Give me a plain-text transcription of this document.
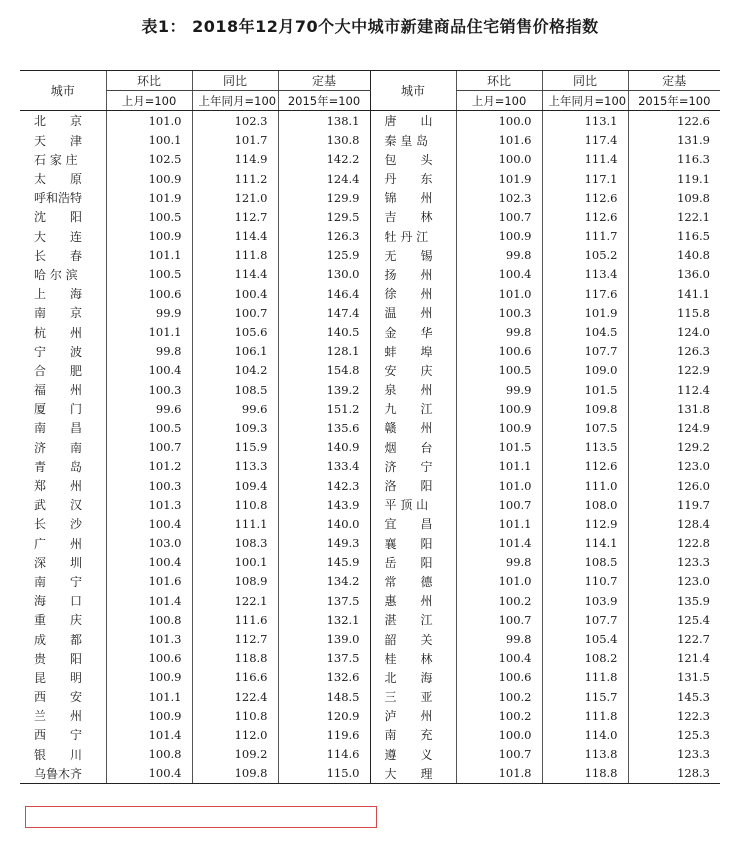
表1： 2018年12月70个大中城市新建商品住宅销售价格指数
城市	环比	同比	定基	城市	环比	同比	定基
	上月=100	上年同月=100	2015年=100		上月=100	上年同月=100	2015年=100
北　　京	101.0	102.3	138.1	唐　　山	100.0	113.1	122.6
天　　津	100.1	101.7	130.8	秦 皇 岛	101.6	117.4	131.9
石 家 庄	102.5	114.9	142.2	包　　头	100.0	111.4	116.3
太　　原	100.9	111.2	124.4	丹　　东	101.9	117.1	119.1
呼和浩特	101.9	121.0	129.9	锦　　州	102.3	112.6	109.8
沈　　阳	100.5	112.7	129.5	吉　　林	100.7	112.6	122.1
大　　连	100.9	114.4	126.3	牡 丹 江	100.9	111.7	116.5
长　　春	101.1	111.8	125.9	无　　锡	99.8	105.2	140.8
哈 尔 滨	100.5	114.4	130.0	扬　　州	100.4	113.4	136.0
上　　海	100.6	100.4	146.4	徐　　州	101.0	117.6	141.1
南　　京	99.9	100.7	147.4	温　　州	100.3	101.9	115.8
杭　　州	101.1	105.6	140.5	金　　华	99.8	104.5	124.0
宁　　波	99.8	106.1	128.1	蚌　　埠	100.6	107.7	126.3
合　　肥	100.4	104.2	154.8	安　　庆	100.5	109.0	122.9
福　　州	100.3	108.5	139.2	泉　　州	99.9	101.5	112.4
厦　　门	99.6	99.6	151.2	九　　江	100.9	109.8	131.8
南　　昌	100.5	109.3	135.6	赣　　州	100.9	107.5	124.9
济　　南	100.7	115.9	140.9	烟　　台	101.5	113.5	129.2
青　　岛	101.2	113.3	133.4	济　　宁	101.1	112.6	123.0
郑　　州	100.3	109.4	142.3	洛　　阳	101.0	111.0	126.0
武　　汉	101.3	110.8	143.9	平 顶 山	100.7	108.0	119.7
长　　沙	100.4	111.1	140.0	宜　　昌	101.1	112.9	128.4
广　　州	103.0	108.3	149.3	襄　　阳	101.4	114.1	122.8
深　　圳	100.4	100.1	145.9	岳　　阳	99.8	108.5	123.3
南　　宁	101.6	108.9	134.2	常　　德	101.0	110.7	123.0
海　　口	101.4	122.1	137.5	惠　　州	100.2	103.9	135.9
重　　庆	100.8	111.6	132.1	湛　　江	100.7	107.7	125.4
成　　都	101.3	112.7	139.0	韶　　关	99.8	105.4	122.7
贵　　阳	100.6	118.8	137.5	桂　　林	100.4	108.2	121.4
昆　　明	100.9	116.6	132.6	北　　海	100.6	111.8	131.5
西　　安	101.1	122.4	148.5	三　　亚	100.2	115.7	145.3
兰　　州	100.9	110.8	120.9	泸　　州	100.2	111.8	122.3
西　　宁	101.4	112.0	119.6	南　　充	100.0	114.0	125.3
银　　川	100.8	109.2	114.6	遵　　义	100.7	113.8	123.3
乌鲁木齐	100.4	109.8	115.0	大　　理	101.8	118.8	128.3
